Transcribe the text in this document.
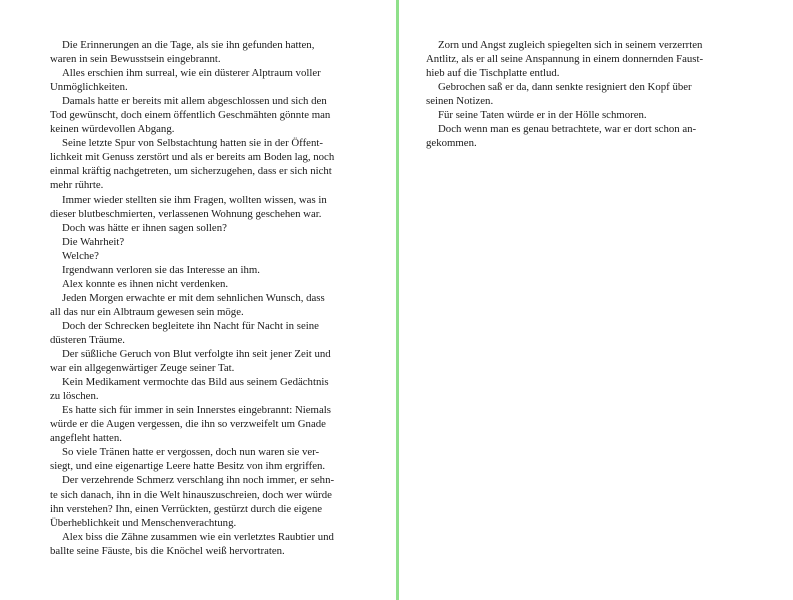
Die Erinnerungen an die Tage, als sie ihn gefunden hatten,
waren in sein Bewusstsein eingebrannt.

Alles erschien ihm surreal, wie ein düsterer Alptraum voller
Unmöglichkeiten.

Damals hatte er bereits mit allem abgeschlossen und sich den
Tod gewünscht, doch einem öffentlich Geschmähten gönnte man
keinen würdevollen Abgang.

Seine letzte Spur von Selbstachtung hatten sie in der Öffent-
lichkeit mit Genuss zerstört und als er bereits am Boden lag, noch
einmal kräftig nachgetreten, um sicherzugehen, dass er sich nicht
mehr rührte.

Immer wieder stellten sie ihm Fragen, wollten wissen, was in
dieser blutbeschmierten, verlassenen Wohnung geschehen war.

Doch was hätte er ihnen sagen sollen?

Die Wahrheit?

Welche?

Irgendwann verloren sie das Interesse an ihm.

Alex konnte es ihnen nicht verdenken.

Jeden Morgen erwachte er mit dem sehnlichen Wunsch, dass
all das nur ein Albtraum gewesen sein möge.

Doch der Schrecken begleitete ihn Nacht für Nacht in seine
düsteren Träume.

Der süßliche Geruch von Blut verfolgte ihn seit jener Zeit und
war ein allgegenwärtiger Zeuge seiner Tat.

Kein Medikament vermochte das Bild aus seinem Gedächtnis
zu löschen.

Es hatte sich für immer in sein Innerstes eingebrannt: Niemals
würde er die Augen vergessen, die ihn so verzweifelt um Gnade
angefleht hatten.

So viele Tränen hatte er vergossen, doch nun waren sie ver-
siegt, und eine eigenartige Leere hatte Besitz von ihm ergriffen.

Der verzehrende Schmerz verschlang ihn noch immer, er sehn-
te sich danach, ihn in die Welt hinauszuschreien, doch wer würde
ihn verstehen? Ihn, einen Verrückten, gestürzt durch die eigene
Überheblichkeit und Menschenverachtung.

Alex biss die Zähne zusammen wie ein verletztes Raubtier und
ballte seine Fäuste, bis die Knöchel weiß hervortraten.

Zorn und Angst zugleich spiegelten sich in seinem verzerrten
Antlitz, als er all seine Anspannung in einem donnernden Faust-
hieb auf die Tischplatte entlud.

Gebrochen saß er da, dann senkte resigniert den Kopf über
seinen Notizen.

Für seine Taten würde er in der Hölle schmoren.

Doch wenn man es genau betrachtete, war er dort schon an-
gekommen.
